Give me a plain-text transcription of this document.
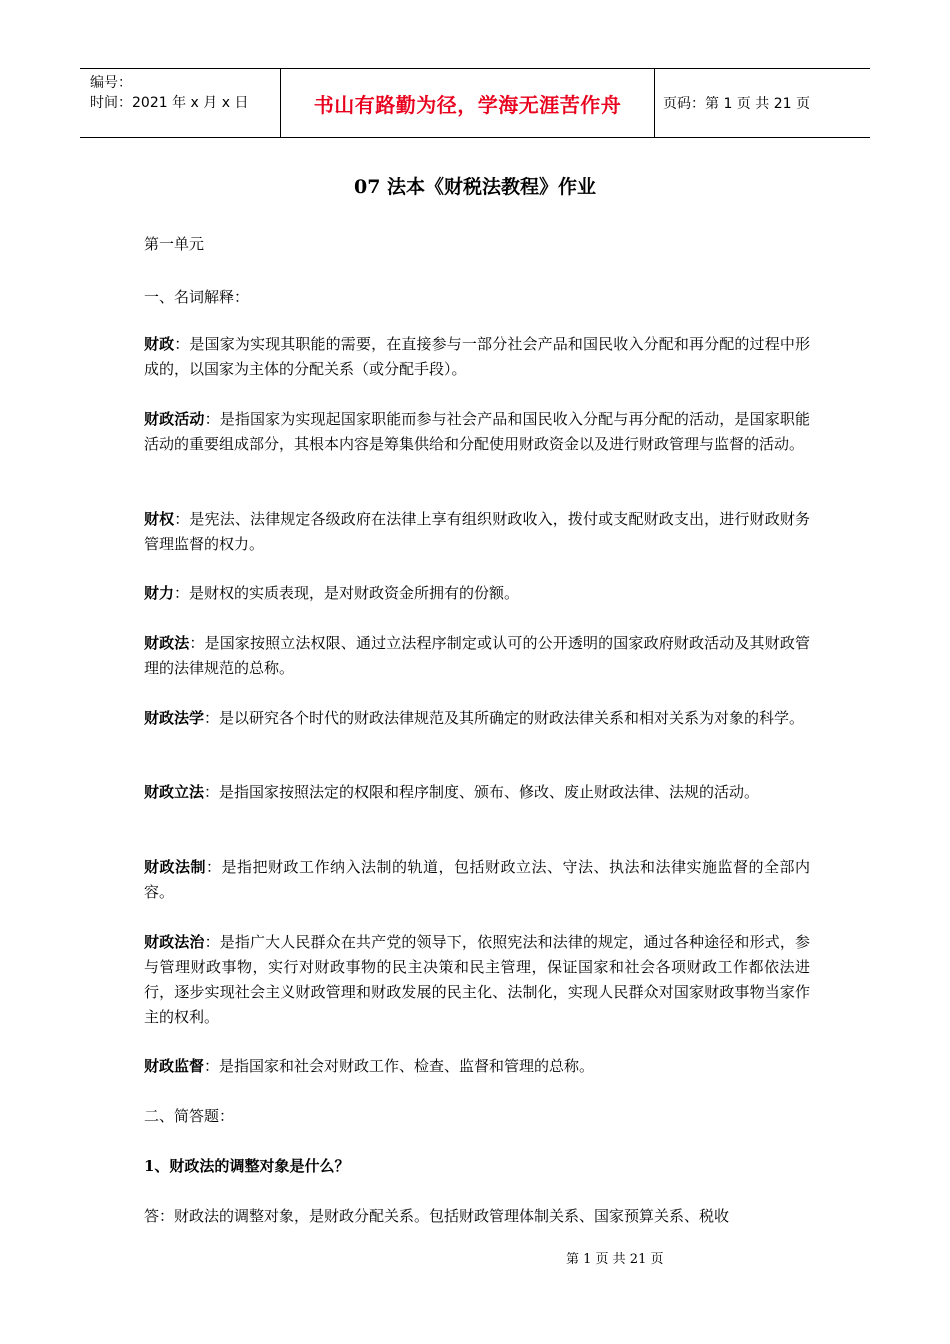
编号：
时间：2021 年 x 月 x 日	书山有路勤为径，学海无涯苦作舟	页码：第 1 页 共 21 页
07 法本《财税法教程》作业
第一单元
一、名词解释：
财政：是国家为实现其职能的需要，在直接参与一部分社会产品和国民收入分配和再分配的过程中形成的，以国家为主体的分配关系（或分配手段）。
财政活动：是指国家为实现起国家职能而参与社会产品和国民收入分配与再分配的活动，是国家职能活动的重要组成部分，其根本内容是筹集供给和分配使用财政资金以及进行财政管理与监督的活动。
财权：是宪法、法律规定各级政府在法律上享有组织财政收入，拨付或支配财政支出，进行财政财务管理监督的权力。
财力：是财权的实质表现，是对财政资金所拥有的份额。
财政法：是国家按照立法权限、通过立法程序制定或认可的公开透明的国家政府财政活动及其财政管理的法律规范的总称。
财政法学：是以研究各个时代的财政法律规范及其所确定的财政法律关系和相对关系为对象的科学。
财政立法：是指国家按照法定的权限和程序制度、颁布、修改、废止财政法律、法规的活动。
财政法制：是指把财政工作纳入法制的轨道，包括财政立法、守法、执法和法律实施监督的全部内容。
财政法治：是指广大人民群众在共产党的领导下，依照宪法和法律的规定，通过各种途径和形式，参与管理财政事物，实行对财政事物的民主决策和民主管理，保证国家和社会各项财政工作都依法进行，逐步实现社会主义财政管理和财政发展的民主化、法制化，实现人民群众对国家财政事物当家作主的权利。
财政监督：是指国家和社会对财政工作、检查、监督和管理的总称。
二、简答题：
1、财政法的调整对象是什么？
答：财政法的调整对象，是财政分配关系。包括财政管理体制关系、国家预算关系、税收
第 1 页 共 21 页
